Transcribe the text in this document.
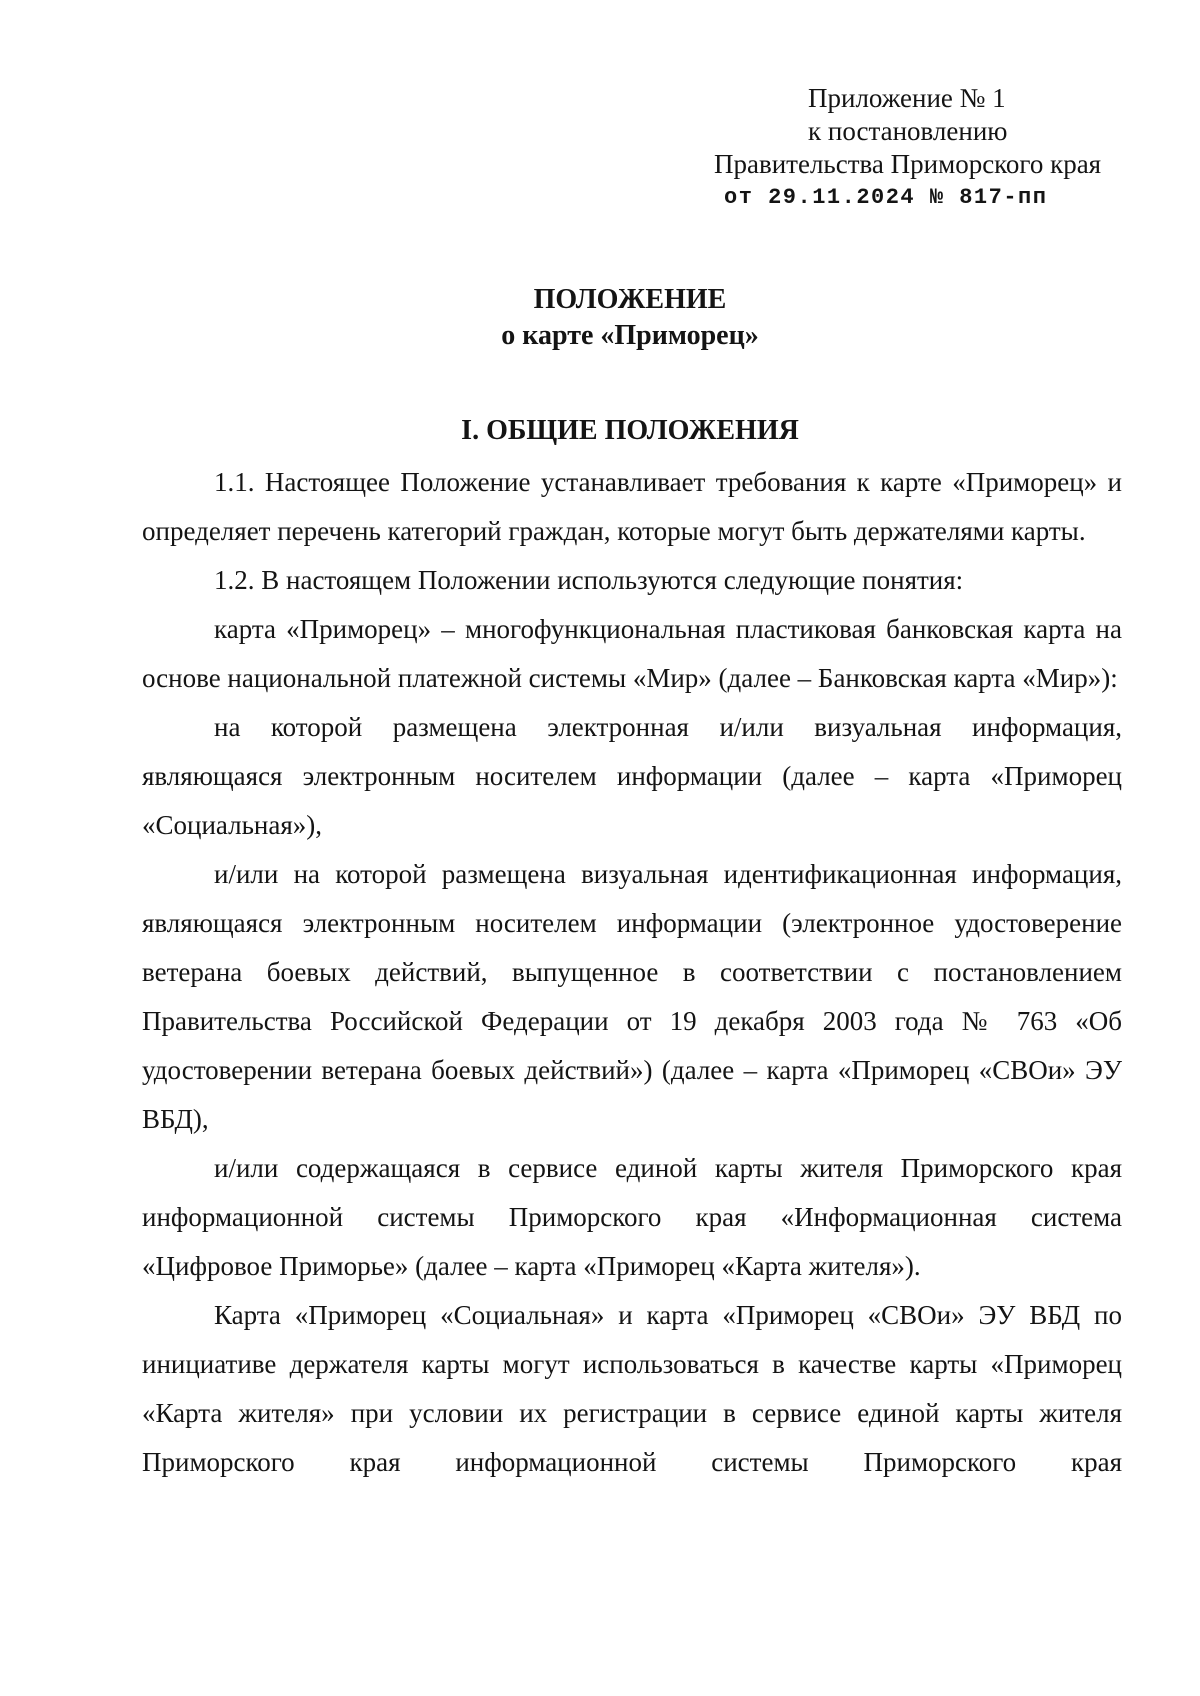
Приложение № 1
к постановлению
Правительства Приморского края
от 29.11.2024 № 817-пп
ПОЛОЖЕНИЕ
о карте «Приморец»
I. ОБЩИЕ ПОЛОЖЕНИЯ

1.1. Настоящее Положение устанавливает требования к карте «Приморец» и определяет перечень категорий граждан, которые могут быть держателями карты.

1.2. В настоящем Положении используются следующие понятия:

карта «Приморец» – многофункциональная пластиковая банковская карта на основе национальной платежной системы «Мир» (далее – Банковская карта «Мир»):

на которой размещена электронная и/или визуальная информация, являющаяся электронным носителем информации (далее – карта «Приморец «Социальная»),

и/или на которой размещена визуальная идентификационная информация, являющаяся электронным носителем информации (электронное удостоверение ветерана боевых действий, выпущенное в соответствии с постановлением Правительства Российской Федерации от 19 декабря 2003 года № 763 «Об удостоверении ветерана боевых действий») (далее – карта «Приморец «СВОи» ЭУ ВБД),

и/или содержащаяся в сервисе единой карты жителя Приморского края информационной системы Приморского края «Информационная система «Цифровое Приморье» (далее – карта «Приморец «Карта жителя»).

Карта «Приморец «Социальная» и карта «Приморец «СВОи» ЭУ ВБД по инициативе держателя карты могут использоваться в качестве карты «Приморец «Карта жителя» при условии их регистрации в сервисе единой карты жителя Приморского края информационной системы Приморского края
